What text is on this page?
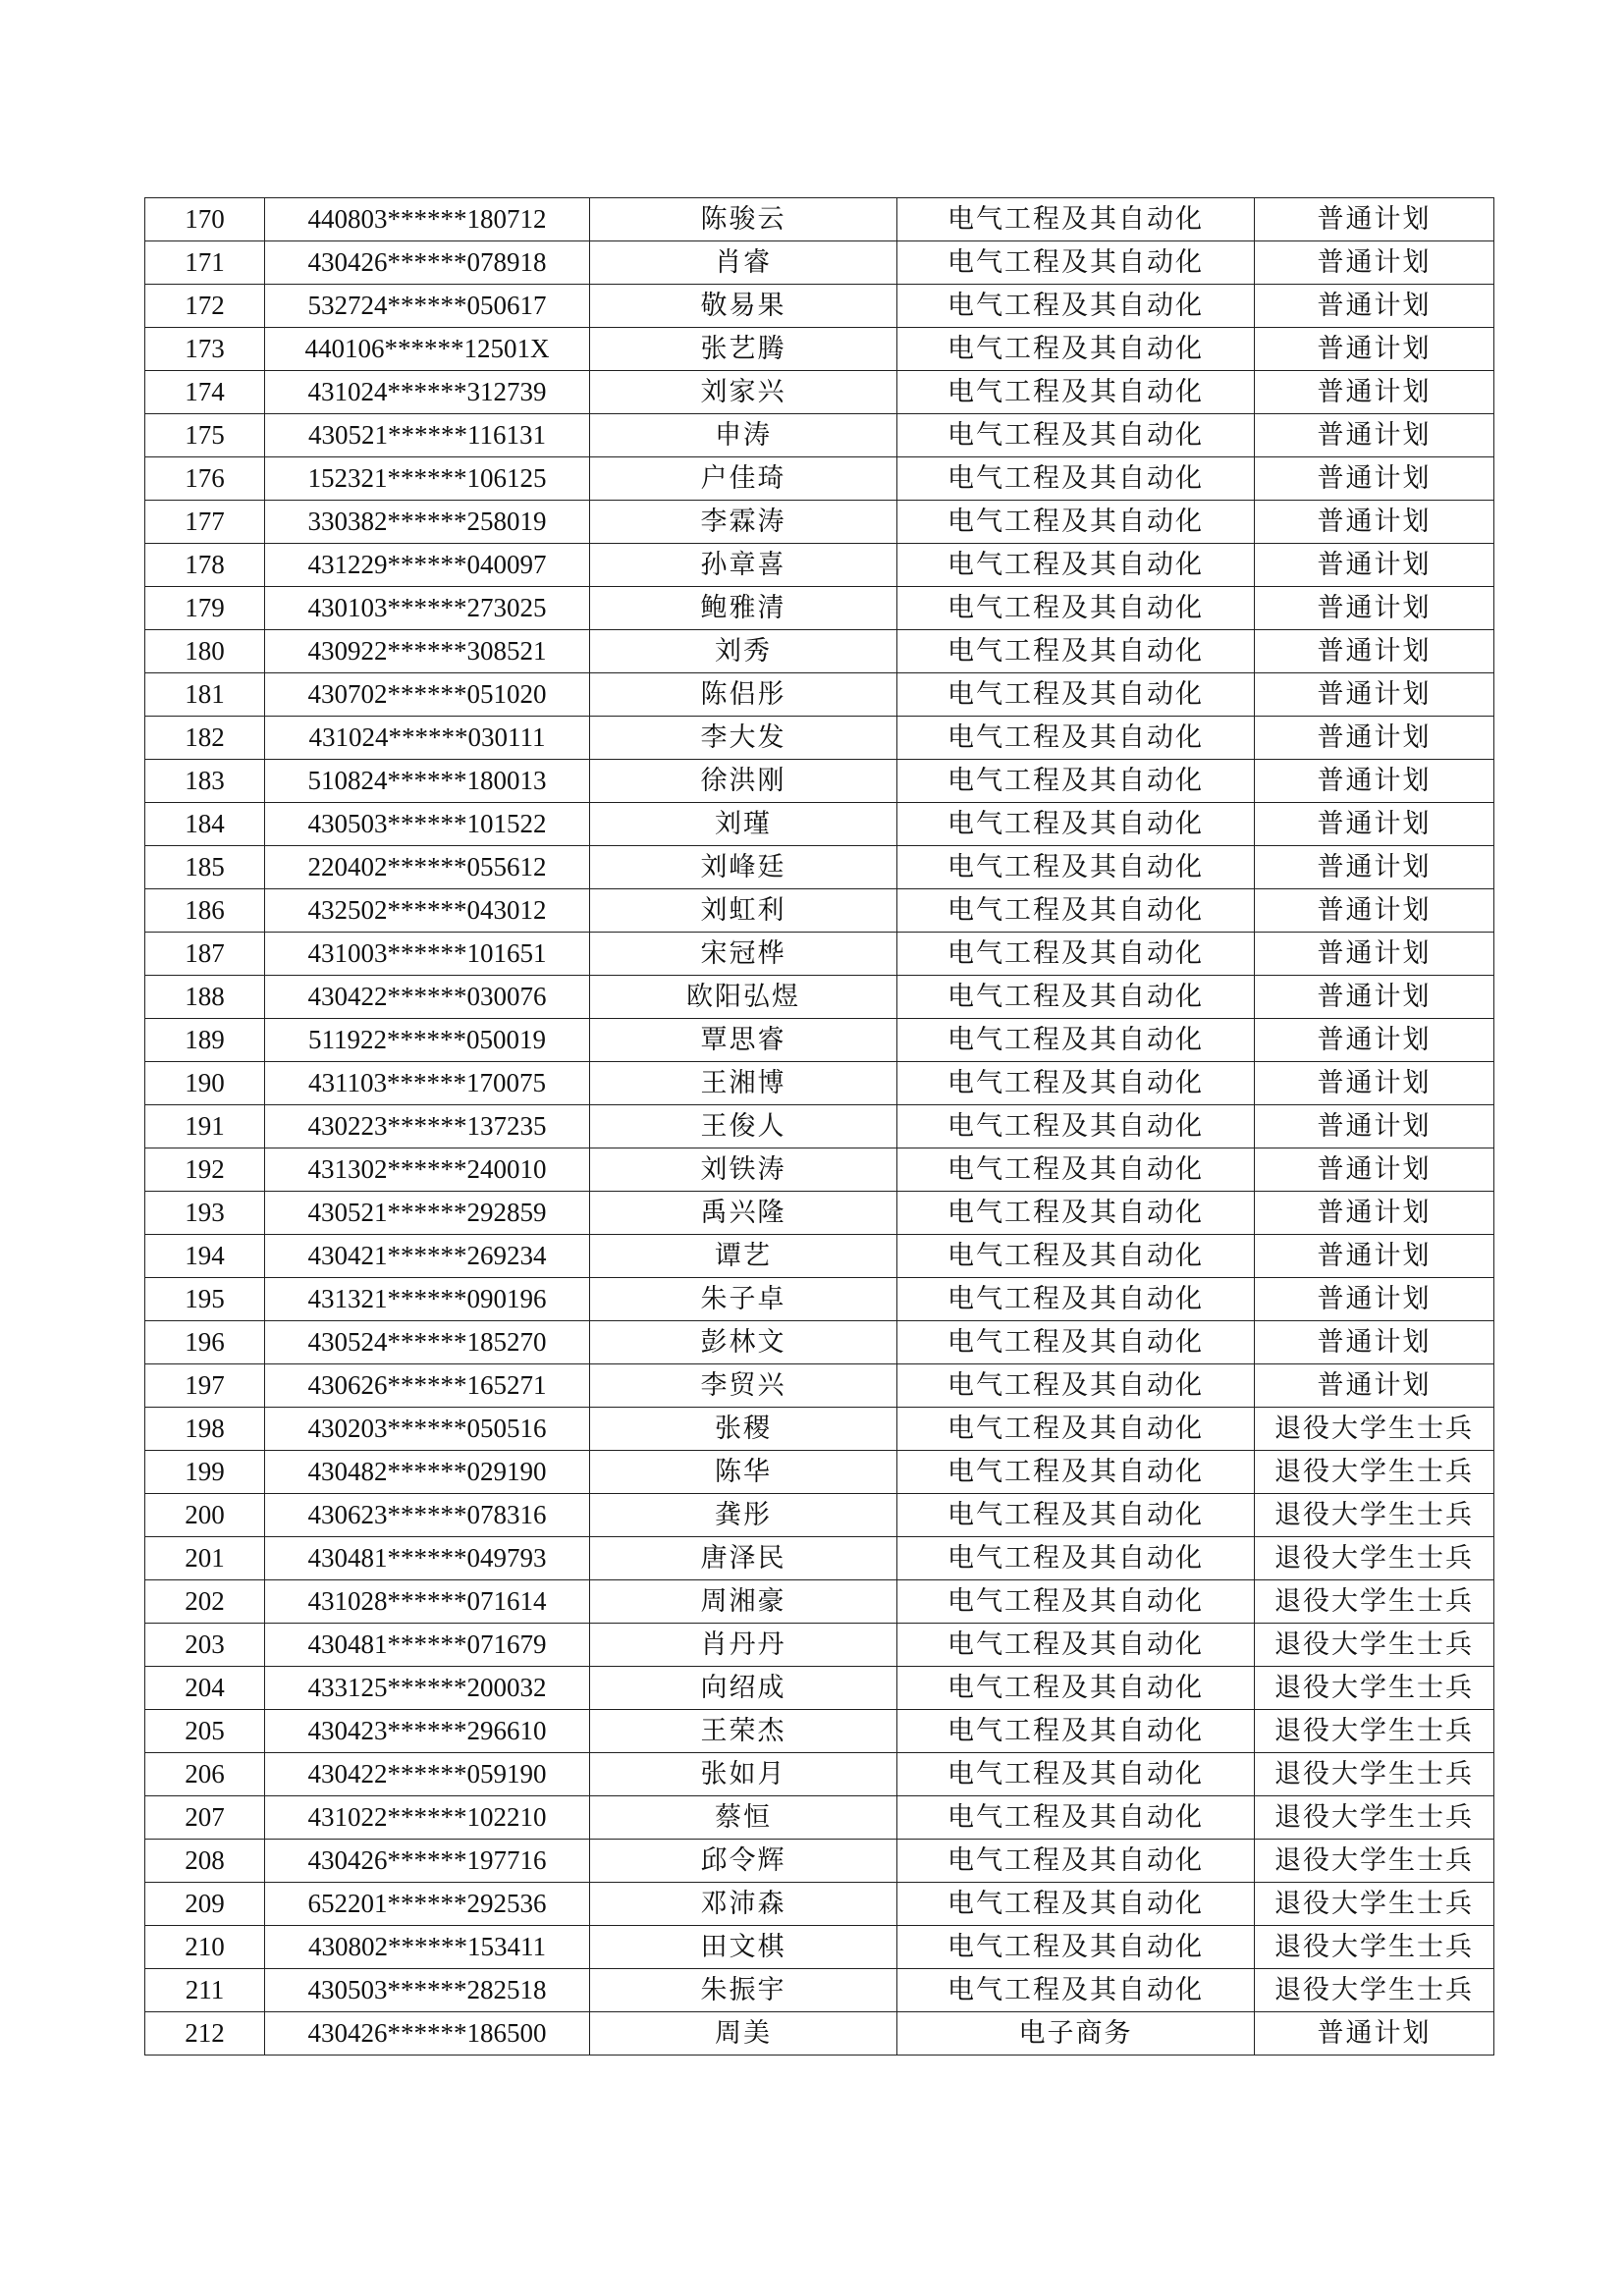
170	440803******180712	陈骏云	电气工程及其自动化	普通计划
171	430426******078918	肖睿	电气工程及其自动化	普通计划
172	532724******050617	敬易果	电气工程及其自动化	普通计划
173	440106******12501X	张艺腾	电气工程及其自动化	普通计划
174	431024******312739	刘家兴	电气工程及其自动化	普通计划
175	430521******116131	申涛	电气工程及其自动化	普通计划
176	152321******106125	户佳琦	电气工程及其自动化	普通计划
177	330382******258019	李霖涛	电气工程及其自动化	普通计划
178	431229******040097	孙章喜	电气工程及其自动化	普通计划
179	430103******273025	鲍雅清	电气工程及其自动化	普通计划
180	430922******308521	刘秀	电气工程及其自动化	普通计划
181	430702******051020	陈侣彤	电气工程及其自动化	普通计划
182	431024******030111	李大发	电气工程及其自动化	普通计划
183	510824******180013	徐洪刚	电气工程及其自动化	普通计划
184	430503******101522	刘瑾	电气工程及其自动化	普通计划
185	220402******055612	刘峰廷	电气工程及其自动化	普通计划
186	432502******043012	刘虹利	电气工程及其自动化	普通计划
187	431003******101651	宋冠桦	电气工程及其自动化	普通计划
188	430422******030076	欧阳弘煜	电气工程及其自动化	普通计划
189	511922******050019	覃思睿	电气工程及其自动化	普通计划
190	431103******170075	王湘博	电气工程及其自动化	普通计划
191	430223******137235	王俊人	电气工程及其自动化	普通计划
192	431302******240010	刘铁涛	电气工程及其自动化	普通计划
193	430521******292859	禹兴隆	电气工程及其自动化	普通计划
194	430421******269234	谭艺	电气工程及其自动化	普通计划
195	431321******090196	朱子卓	电气工程及其自动化	普通计划
196	430524******185270	彭林文	电气工程及其自动化	普通计划
197	430626******165271	李贸兴	电气工程及其自动化	普通计划
198	430203******050516	张稷	电气工程及其自动化	退役大学生士兵
199	430482******029190	陈华	电气工程及其自动化	退役大学生士兵
200	430623******078316	龚彤	电气工程及其自动化	退役大学生士兵
201	430481******049793	唐泽民	电气工程及其自动化	退役大学生士兵
202	431028******071614	周湘豪	电气工程及其自动化	退役大学生士兵
203	430481******071679	肖丹丹	电气工程及其自动化	退役大学生士兵
204	433125******200032	向绍成	电气工程及其自动化	退役大学生士兵
205	430423******296610	王荣杰	电气工程及其自动化	退役大学生士兵
206	430422******059190	张如月	电气工程及其自动化	退役大学生士兵
207	431022******102210	蔡恒	电气工程及其自动化	退役大学生士兵
208	430426******197716	邱令辉	电气工程及其自动化	退役大学生士兵
209	652201******292536	邓沛森	电气工程及其自动化	退役大学生士兵
210	430802******153411	田文棋	电气工程及其自动化	退役大学生士兵
211	430503******282518	朱振宇	电气工程及其自动化	退役大学生士兵
212	430426******186500	周美	电子商务	普通计划
